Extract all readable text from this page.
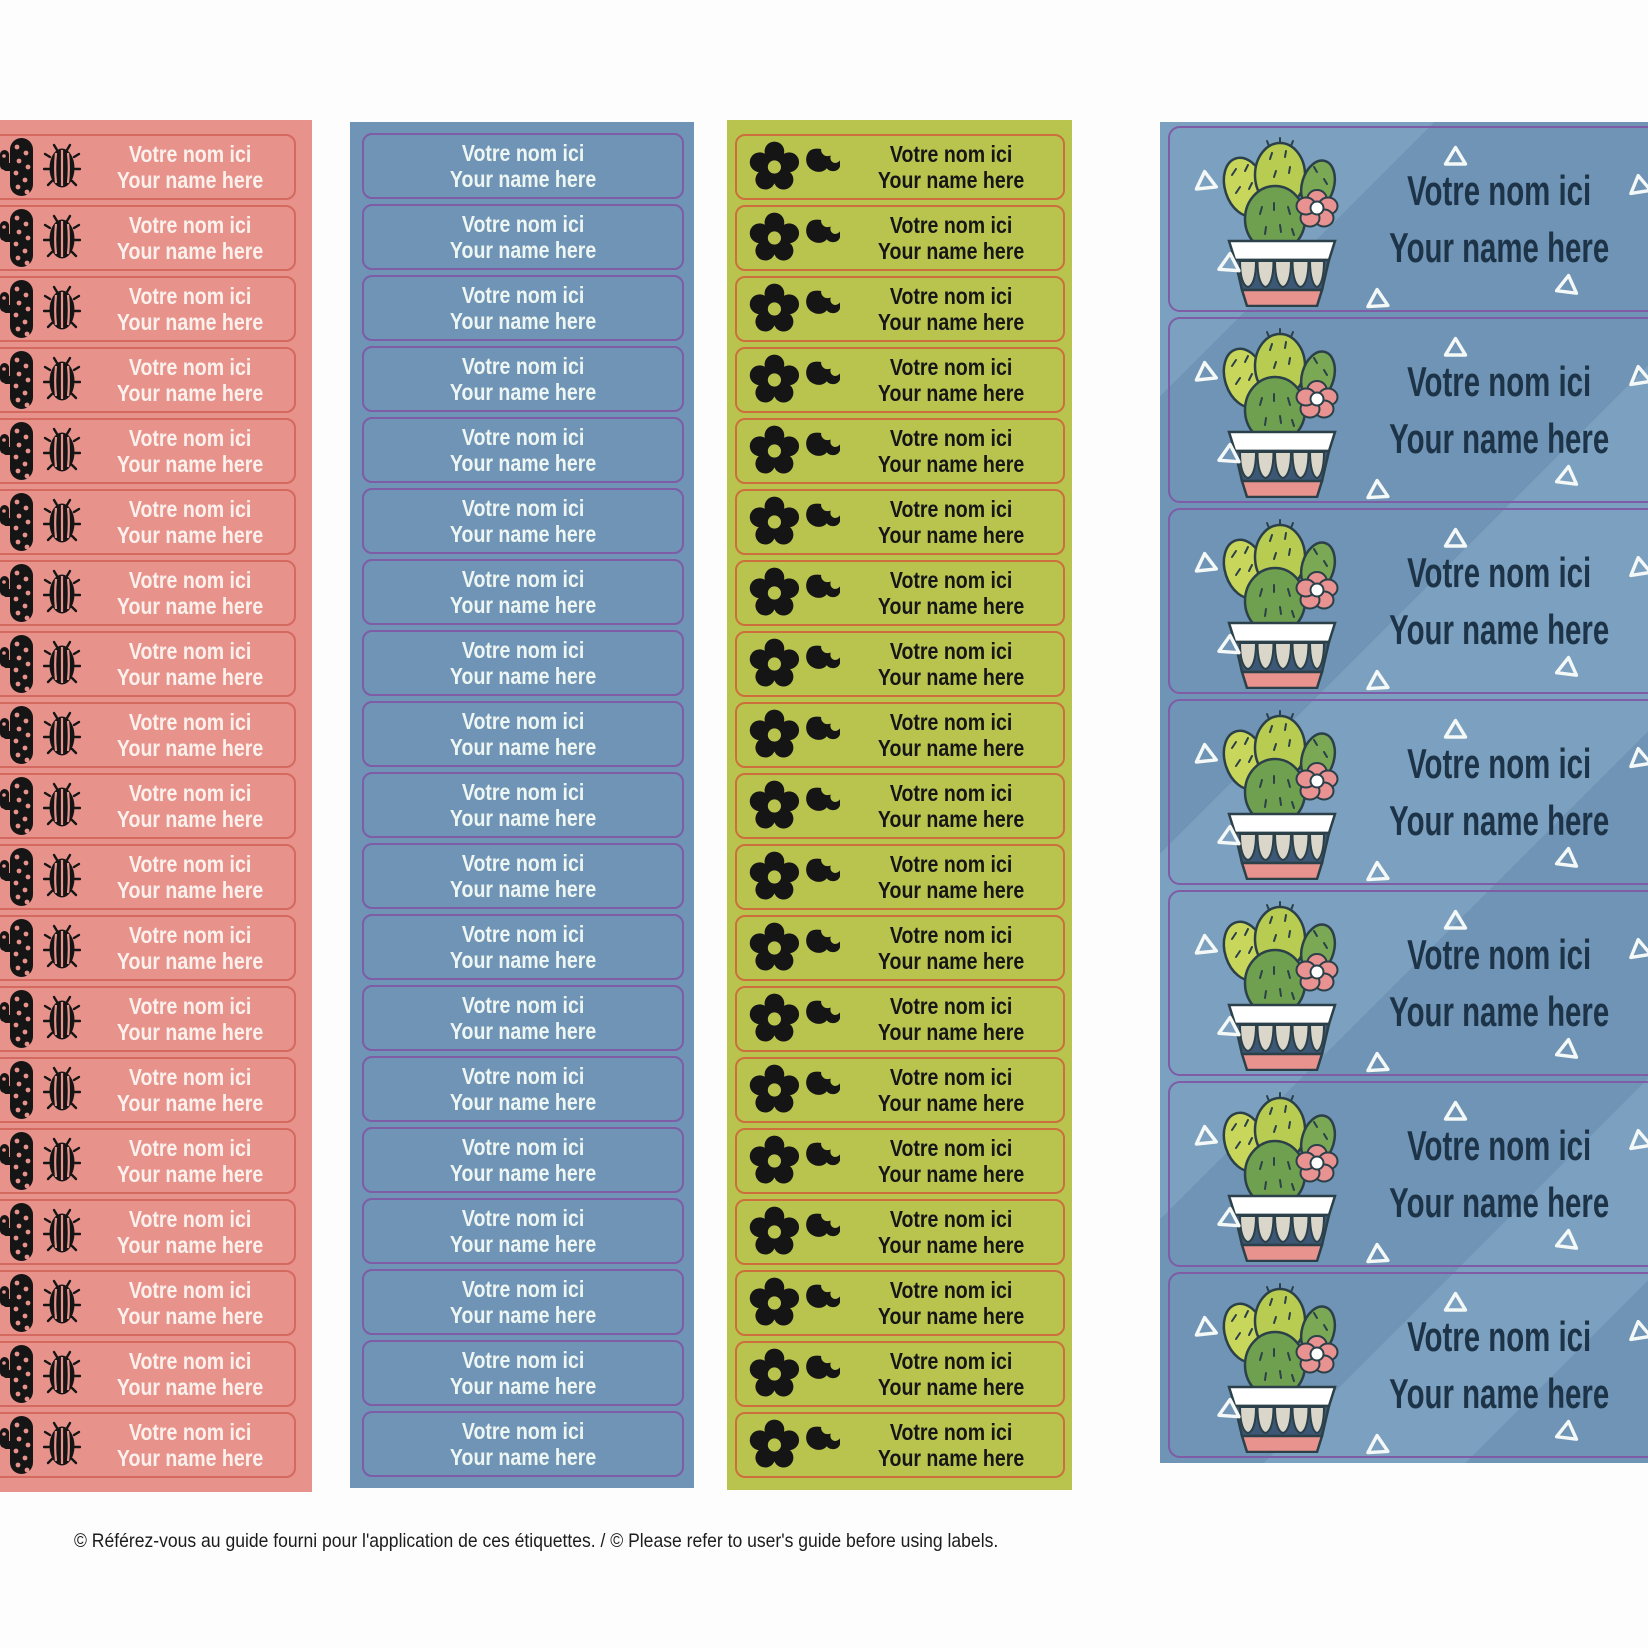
Votre nom ici
Your name here
Votre nom ici
Your name here
Votre nom ici
Your name here
Votre nom ici
Your name here
Votre nom ici
Your name here
Votre nom ici
Your name here
Votre nom ici
Your name here
Votre nom ici
Your name here
Votre nom ici
Your name here
Votre nom ici
Your name here
Votre nom ici
Your name here
Votre nom ici
Your name here
Votre nom ici
Your name here
Votre nom ici
Your name here
Votre nom ici
Your name here
Votre nom ici
Your name here
Votre nom ici
Your name here
Votre nom ici
Your name here
Votre nom ici
Your name here
Votre nom ici
Your name here
Votre nom ici
Your name here
Votre nom ici
Your name here
Votre nom ici
Your name here
Votre nom ici
Your name here
Votre nom ici
Your name here
Votre nom ici
Your name here
Votre nom ici
Your name here
Votre nom ici
Your name here
Votre nom ici
Your name here
Votre nom ici
Your name here
Votre nom ici
Your name here
Votre nom ici
Your name here
Votre nom ici
Your name here
Votre nom ici
Your name here
Votre nom ici
Your name here
Votre nom ici
Your name here
Votre nom ici
Your name here
Votre nom ici
Your name here
Votre nom ici
Your name here
Votre nom ici
Your name here
Votre nom ici
Your name here
Votre nom ici
Your name here
Votre nom ici
Your name here
Votre nom ici
Your name here
Votre nom ici
Your name here
Votre nom ici
Your name here
Votre nom ici
Your name here
Votre nom ici
Your name here
Votre nom ici
Your name here
Votre nom ici
Your name here
Votre nom ici
Your name here
Votre nom ici
Your name here
Votre nom ici
Your name here
Votre nom ici
Your name here
Votre nom ici
Your name here
Votre nom ici
Your name here
Votre nom ici
Your name here
Votre nom ici
Your name here
Votre nom ici
Your name here
Votre nom ici
Your name here
Votre nom ici
Your name here
Votre nom ici
Your name here
Votre nom ici
Your name here
Votre nom ici
Your name here

© Référez-vous au guide fourni pour l'application de ces étiquettes. / © Please refer to user's guide before using labels.
